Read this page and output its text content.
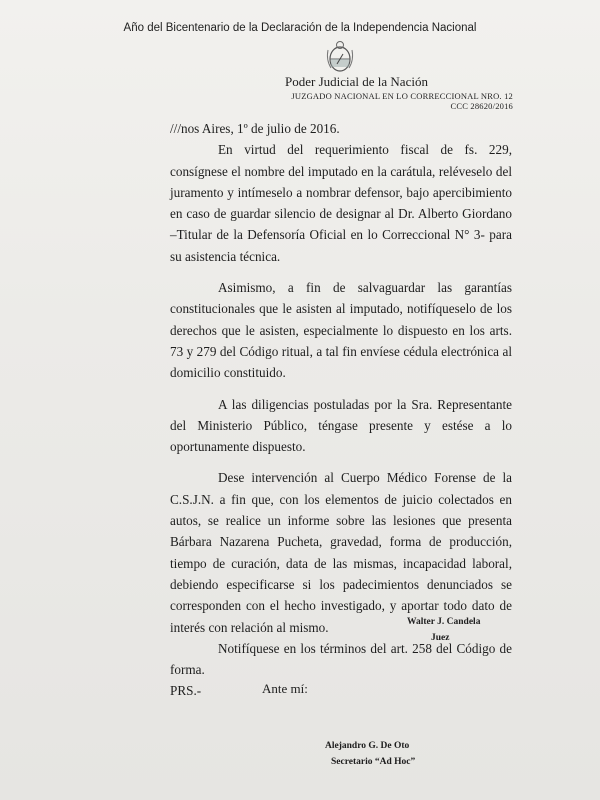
Año del Bicentenario de la Declaración de la Independencia Nacional
Poder Judicial de la Nación
JUZGADO NACIONAL EN LO CORRECCIONAL NRO. 12
CCC 28620/2016

///nos Aires, 1º de julio de 2016.

En virtud del requerimiento fiscal de fs. 229, consígnese el nombre del imputado en la carátula, reléveselo del juramento y intímeselo a nombrar defensor, bajo apercibimiento en caso de guardar silencio de designar al Dr. Alberto Giordano –Titular de la Defensoría Oficial en lo Correccional N° 3- para su asistencia técnica.

Asimismo, a fin de salvaguardar las garantías constitucionales que le asisten al imputado, notifíqueselo de los derechos que le asisten, especialmente lo dispuesto en los arts. 73 y 279 del Código ritual, a tal fin envíese cédula electrónica al domicilio constituido.

A las diligencias postuladas por la Sra. Representante del Ministerio Público, téngase presente y estése a lo oportunamente dispuesto.

Dese intervención al Cuerpo Médico Forense de la C.S.J.N. a fin que, con los elementos de juicio colectados en autos, se realice un informe sobre las lesiones que presenta Bárbara Nazarena Pucheta, gravedad, forma de producción, tiempo de curación, data de las mismas, incapacidad laboral, debiendo especificarse si los padecimientos denunciados se corresponden con el hecho investigado, y aportar todo dato de interés con relación al mismo.

Notifíquese en los términos del art. 258 del Código de forma.

PRS.-

Walter J. Candela
Juez
Ante mí:
Alejandro G. De Oto
Secretario “Ad Hoc”
